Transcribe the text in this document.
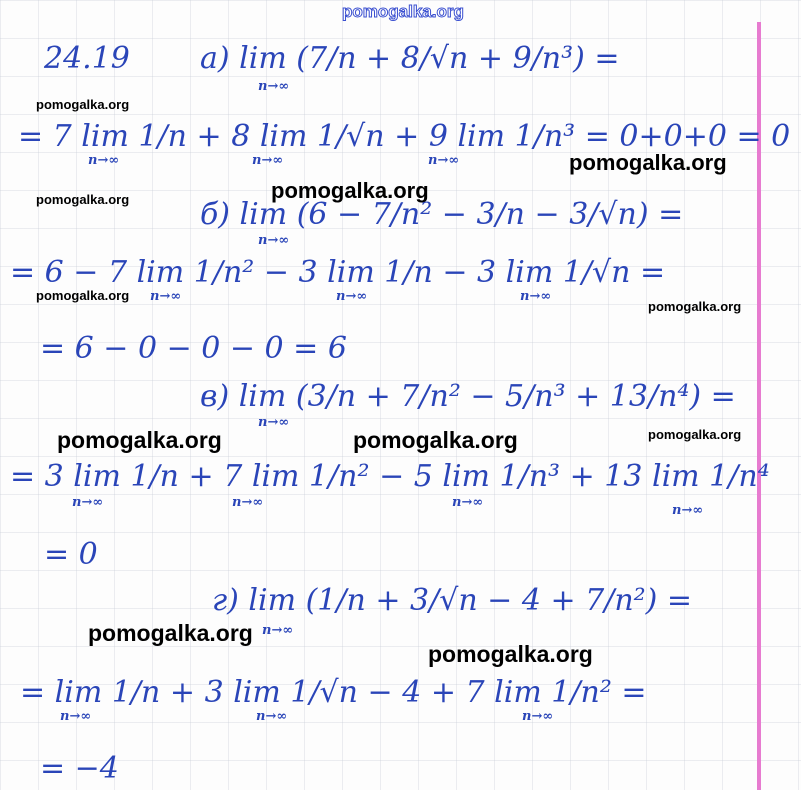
pomogalka.org
24.19 a) lim (7/n + 8/√n + 9/n³) =
n→∞
pomogalka.org
= 7 lim 1/n + 8 lim 1/√n + 9 lim 1/n³ = 0+0+0 = 0
n→∞	n→∞	n→∞	pomogalka.org
pomogalka.org
pomogalka.org б) lim (6 − 7/n² − 3/n − 3/√n) =
n→∞
= 6 − 7 lim 1/n² − 3 lim 1/n − 3 lim 1/√n =
n→∞	n→∞	n→∞
pomogalka.org
pomogalka.org
= 6 − 0 − 0 − 0 = 6
в) lim (3/n + 7/n² − 5/n³ + 13/n⁴) =
n→∞
pomogalka.org	pomogalka.org	pomogalka.org
= 3 lim 1/n + 7 lim 1/n² − 5 lim 1/n³ + 13 lim 1/n⁴
n→∞	n→∞	n→∞
n→∞
= 0
г) lim (1/n + 3/√n − 4 + 7/n²) =
n→∞
pomogalka.org
pomogalka.org
= lim 1/n + 3 lim 1/√n − 4 + 7 lim 1/n² =
n→∞	n→∞	n→∞
= −4
